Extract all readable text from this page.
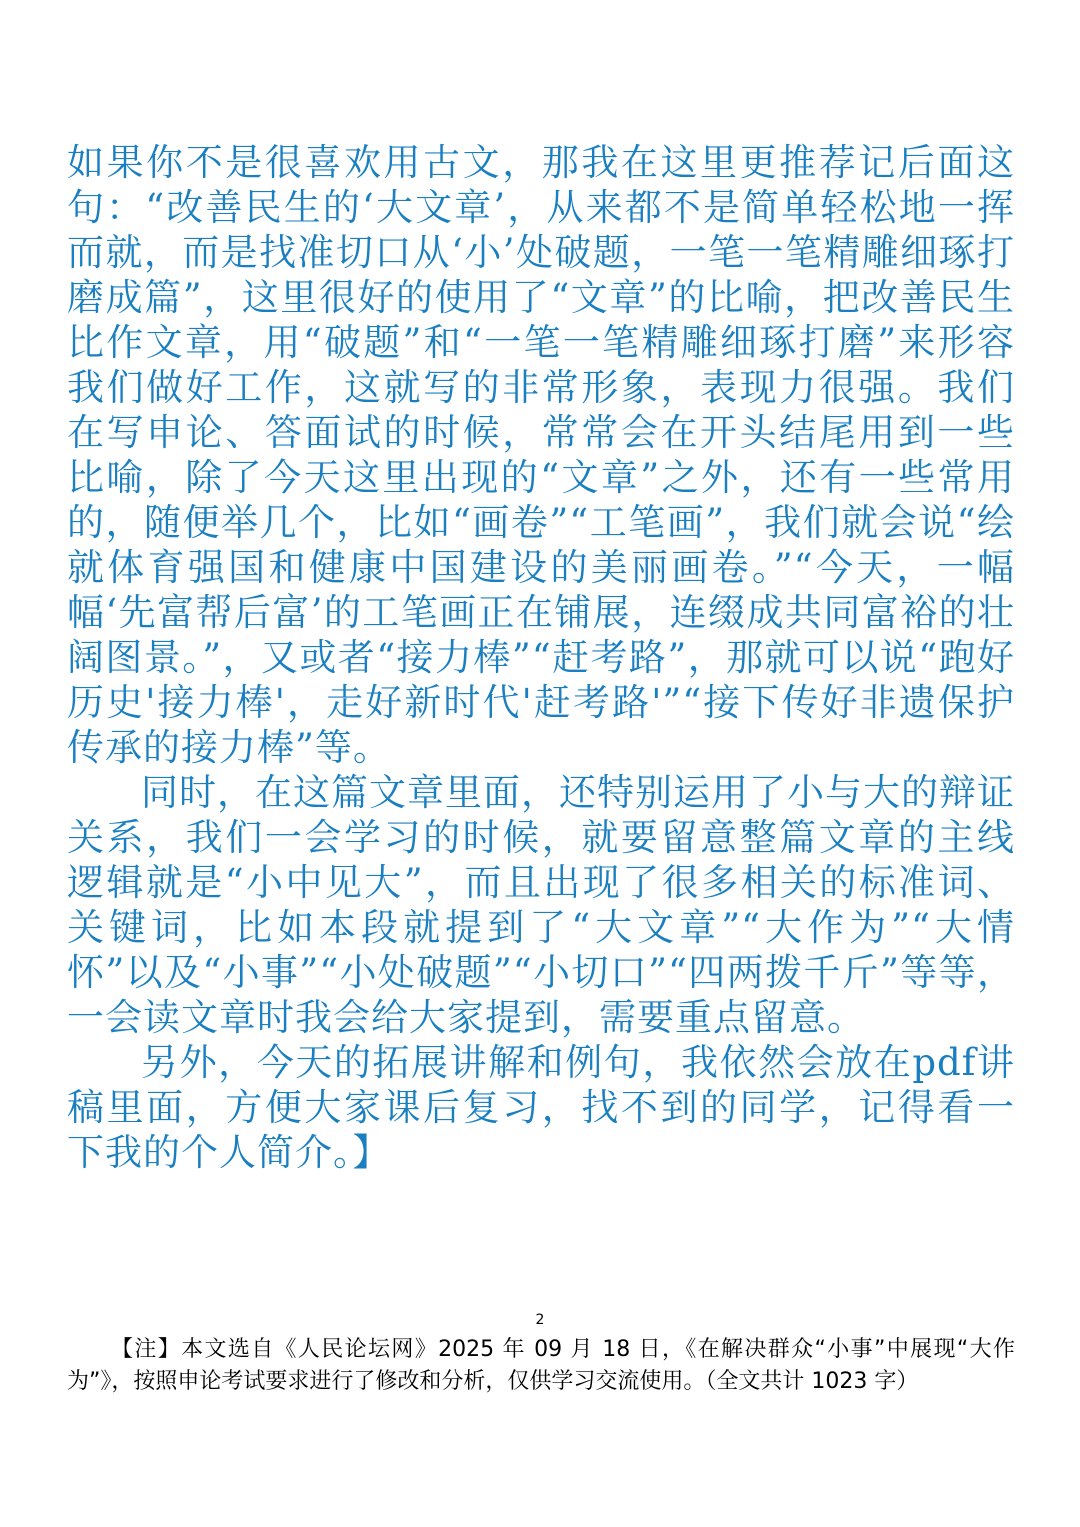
如果你不是很喜欢用古文，那我在这里更推荐记后面这句：“改善民生的‘大文章’，从来都不是简单轻松地一挥而就，而是找准切口从‘小’处破题，一笔一笔精雕细琢打磨成篇”，这里很好的使用了“文章”的比喻，把改善民生比作文章，用“破题”和“一笔一笔精雕细琢打磨”来形容我们做好工作，这就写的非常形象，表现力很强。我们在写申论、答面试的时候，常常会在开头结尾用到一些比喻，除了今天这里出现的“文章”之外，还有一些常用的，随便举几个，比如“画卷”“工笔画”，我们就会说“绘就体育强国和健康中国建设的美丽画卷。”“今天，一幅幅‘先富帮后富’的工笔画正在铺展，连缀成共同富裕的壮阔图景。”，又或者“接力棒”“赶考路”，那就可以说“跑好历史'接力棒'，走好新时代'赶考路'”“接下传好非遗保护传承的接力棒”等。

同时，在这篇文章里面，还特别运用了小与大的辩证关系，我们一会学习的时候，就要留意整篇文章的主线逻辑就是“小中见大”，而且出现了很多相关的标准词、关键词，比如本段就提到了“大文章”“大作为”“大情怀”以及“小事”“小处破题”“小切口”“四两拨千斤”等等，一会读文章时我会给大家提到，需要重点留意。

另外，今天的拓展讲解和例句，我依然会放在pdf讲稿里面，方便大家课后复习，找不到的同学，记得看一下我的个人简介。】

2

【注】本文选自《人民论坛网》2025 年 09 月 18 日，《在解决群众“小事”中展现“大作为”》，按照申论考试要求进行了修改和分析，仅供学习交流使用。（全文共计 1023 字）
